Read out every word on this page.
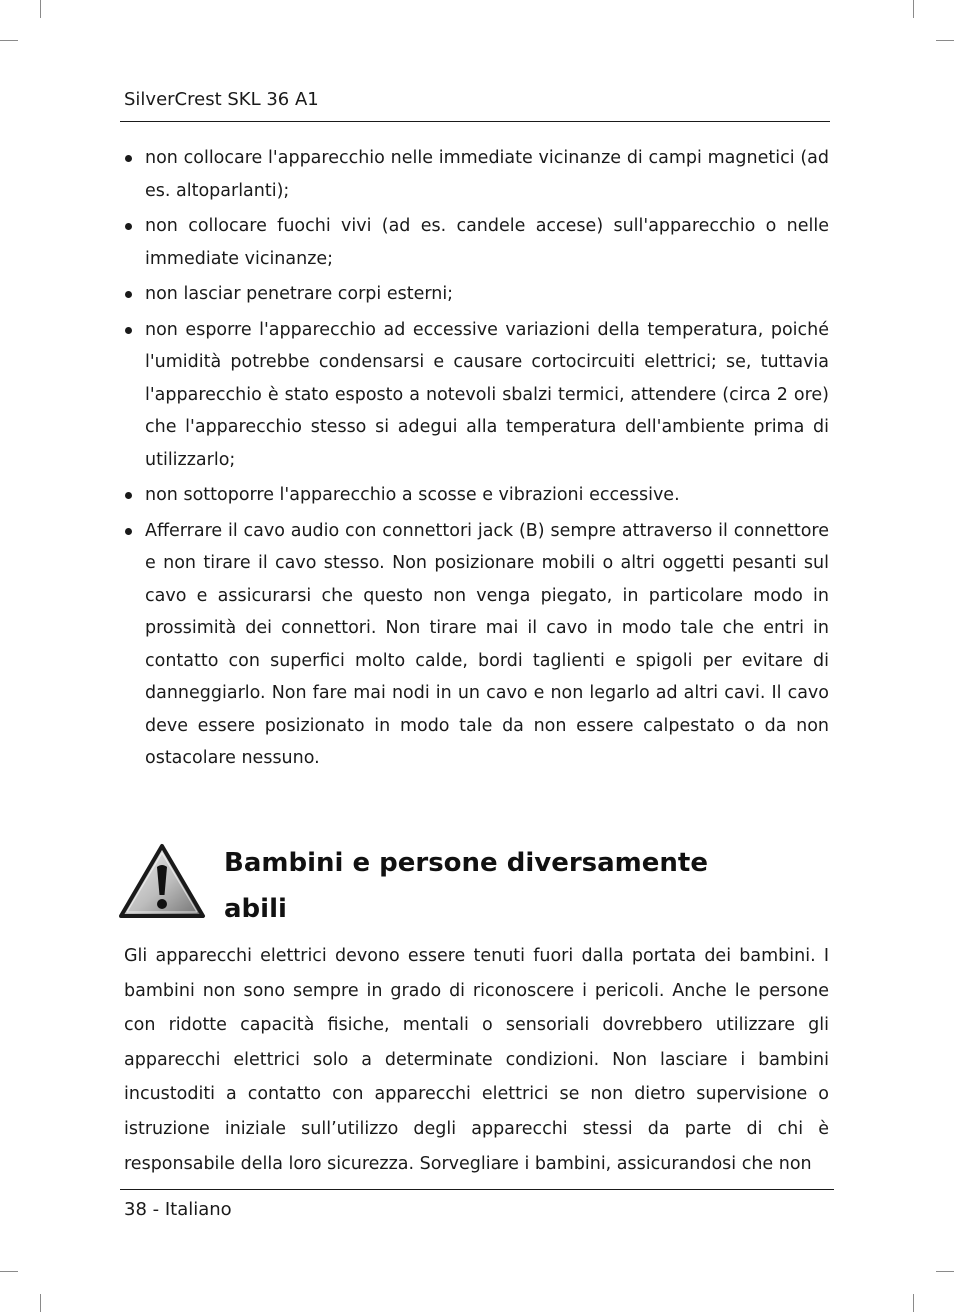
SilverCrest SKL 36 A1
non collocare l'apparecchio nelle immediate vicinanze di campi magnetici (ad es. altoparlanti);
non collocare fuochi vivi (ad es. candele accese) sull'apparecchio o nelle immediate vicinanze;
non lasciar penetrare corpi esterni;
non esporre l'apparecchio ad eccessive variazioni della temperatura, poiché l'umidità potrebbe condensarsi e causare cortocircuiti elettrici; se, tuttavia l'apparecchio è stato esposto a notevoli sbalzi termici, attendere (circa 2 ore) che l'apparecchio stesso si adegui alla temperatura dell'ambiente prima di utilizzarlo;
non sottoporre l'apparecchio a scosse e vibrazioni eccessive.
Afferrare il cavo audio con connettori jack (B) sempre attraverso il connettore e non tirare il cavo stesso. Non posizionare mobili o altri oggetti pesanti sul cavo e assicurarsi che questo non venga piegato, in particolare modo in prossimità dei connettori. Non tirare mai il cavo in modo tale che entri in contatto con superfici molto calde, bordi taglienti e spigoli per evitare di danneggiarlo. Non fare mai nodi in un cavo e non legarlo ad altri cavi. Il cavo deve essere posizionato in modo tale da non essere calpestato o da non ostacolare nessuno.
Bambini e persone diversamente
abili

Gli apparecchi elettrici devono essere tenuti fuori dalla portata dei bambini. I bambini non sono sempre in grado di riconoscere i pericoli. Anche le persone con ridotte capacità fisiche, mentali o sensoriali dovrebbero utilizzare gli apparecchi elettrici solo a determinate condizioni. Non lasciare i bambini incustoditi a contatto con apparecchi elettrici se non dietro supervisione o istruzione iniziale sull’utilizzo degli apparecchi stessi da parte di chi è responsabile della loro sicurezza. Sorvegliare i bambini, assicurandosi che non

38 - Italiano
